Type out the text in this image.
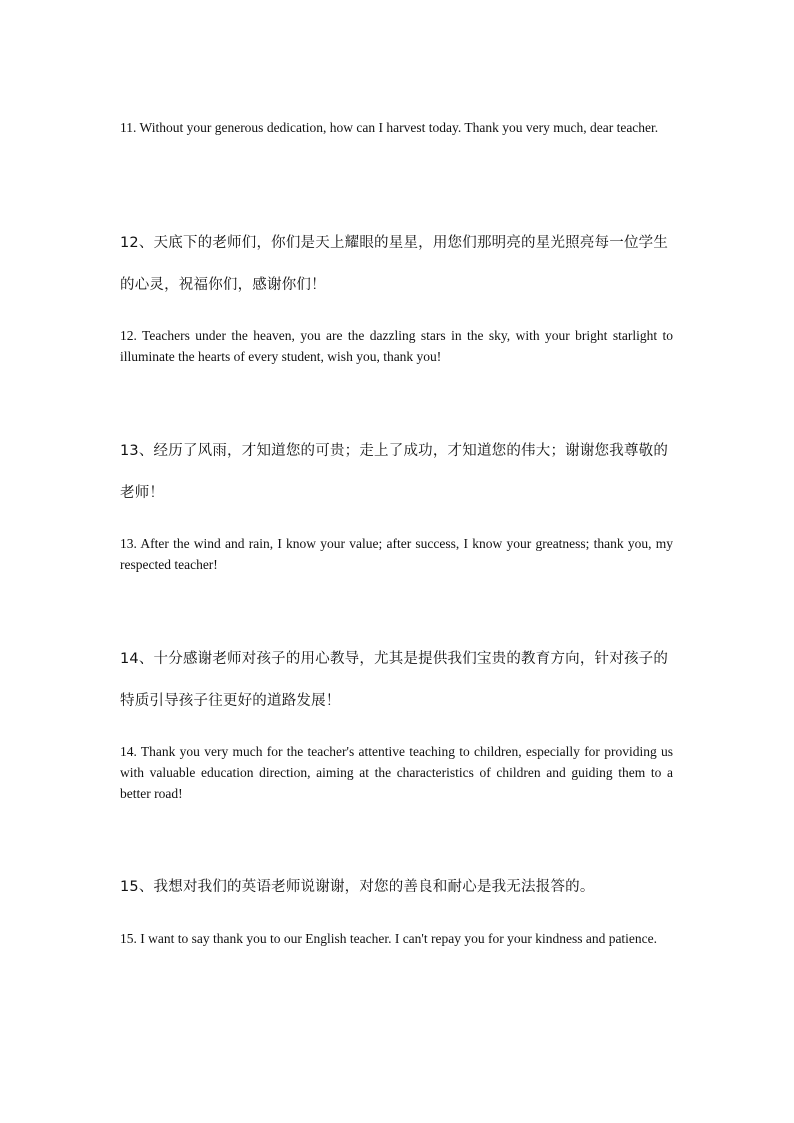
11. Without your generous dedication, how can I harvest today. Thank you very much, dear teacher.

12、天底下的老师们，你们是天上耀眼的星星，用您们那明亮的星光照亮每一位学生的心灵，祝福你们，感谢你们！

12. Teachers under the heaven, you are the dazzling stars in the sky, with your bright starlight to illuminate the hearts of every student, wish you, thank you!

13、经历了风雨，才知道您的可贵；走上了成功，才知道您的伟大；谢谢您我尊敬的老师！

13. After the wind and rain, I know your value; after success, I know your greatness; thank you, my respected teacher!

14、十分感谢老师对孩子的用心教导，尤其是提供我们宝贵的教育方向，针对孩子的特质引导孩子往更好的道路发展！

14. Thank you very much for the teacher's attentive teaching to children, especially for providing us with valuable education direction, aiming at the characteristics of children and guiding them to a better road!

15、我想对我们的英语老师说谢谢，对您的善良和耐心是我无法报答的。

15. I want to say thank you to our English teacher. I can't repay you for your kindness and patience.
